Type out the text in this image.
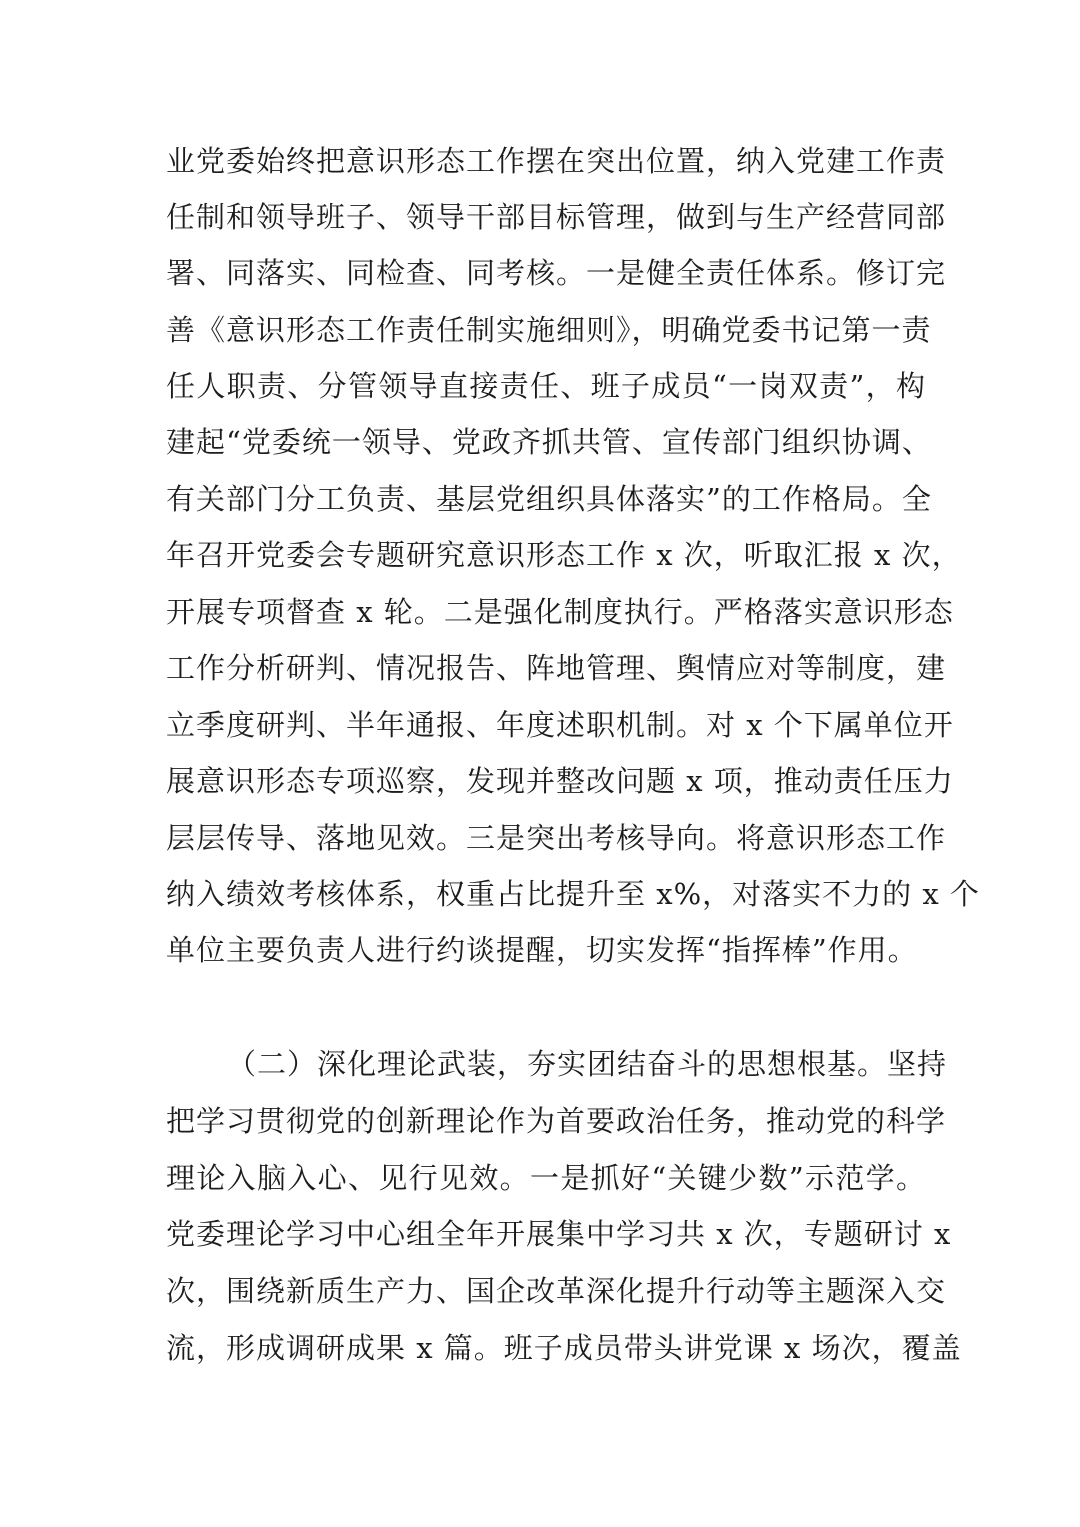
业党委始终把意识形态工作摆在突出位置，纳入党建工作责
任制和领导班子、领导干部目标管理，做到与生产经营同部
署、同落实、同检查、同考核。一是健全责任体系。修订完
善《意识形态工作责任制实施细则》，明确党委书记第一责
任人职责、分管领导直接责任、班子成员“一岗双责”，构
建起“党委统一领导、党政齐抓共管、宣传部门组织协调、
有关部门分工负责、基层党组织具体落实”的工作格局。全
年召开党委会专题研究意识形态工作 x 次，听取汇报 x 次，
开展专项督查 x 轮。二是强化制度执行。严格落实意识形态
工作分析研判、情况报告、阵地管理、舆情应对等制度，建
立季度研判、半年通报、年度述职机制。对 x 个下属单位开
展意识形态专项巡察，发现并整改问题 x 项，推动责任压力
层层传导、落地见效。三是突出考核导向。将意识形态工作
纳入绩效考核体系，权重占比提升至 x%，对落实不力的 x 个
单位主要负责人进行约谈提醒，切实发挥“指挥棒”作用。
（二）深化理论武装，夯实团结奋斗的思想根基。坚持
把学习贯彻党的创新理论作为首要政治任务，推动党的科学
理论入脑入心、见行见效。一是抓好“关键少数”示范学。
党委理论学习中心组全年开展集中学习共 x 次，专题研讨 x
次，围绕新质生产力、国企改革深化提升行动等主题深入交
流，形成调研成果 x 篇。班子成员带头讲党课 x 场次，覆盖
